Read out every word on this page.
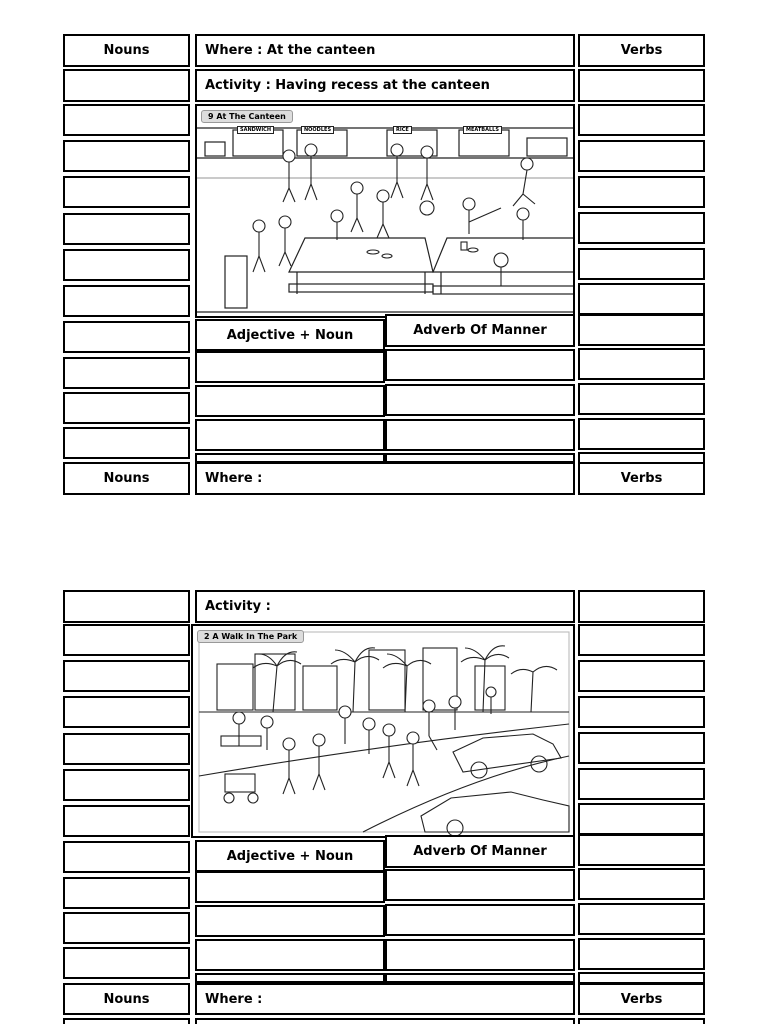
Nouns	Where : At the canteen	Verbs
Activity : Having recess at the canteen
9 At The Canteen
SANDWICH	NOODLES	RICE	MEATBALLS
Adjective + Noun	Adverb Of Manner
Nouns	Where :	Verbs
Activity :
2 A Walk In The Park
Adjective + Noun	Adverb Of Manner
Nouns	Where :	Verbs
